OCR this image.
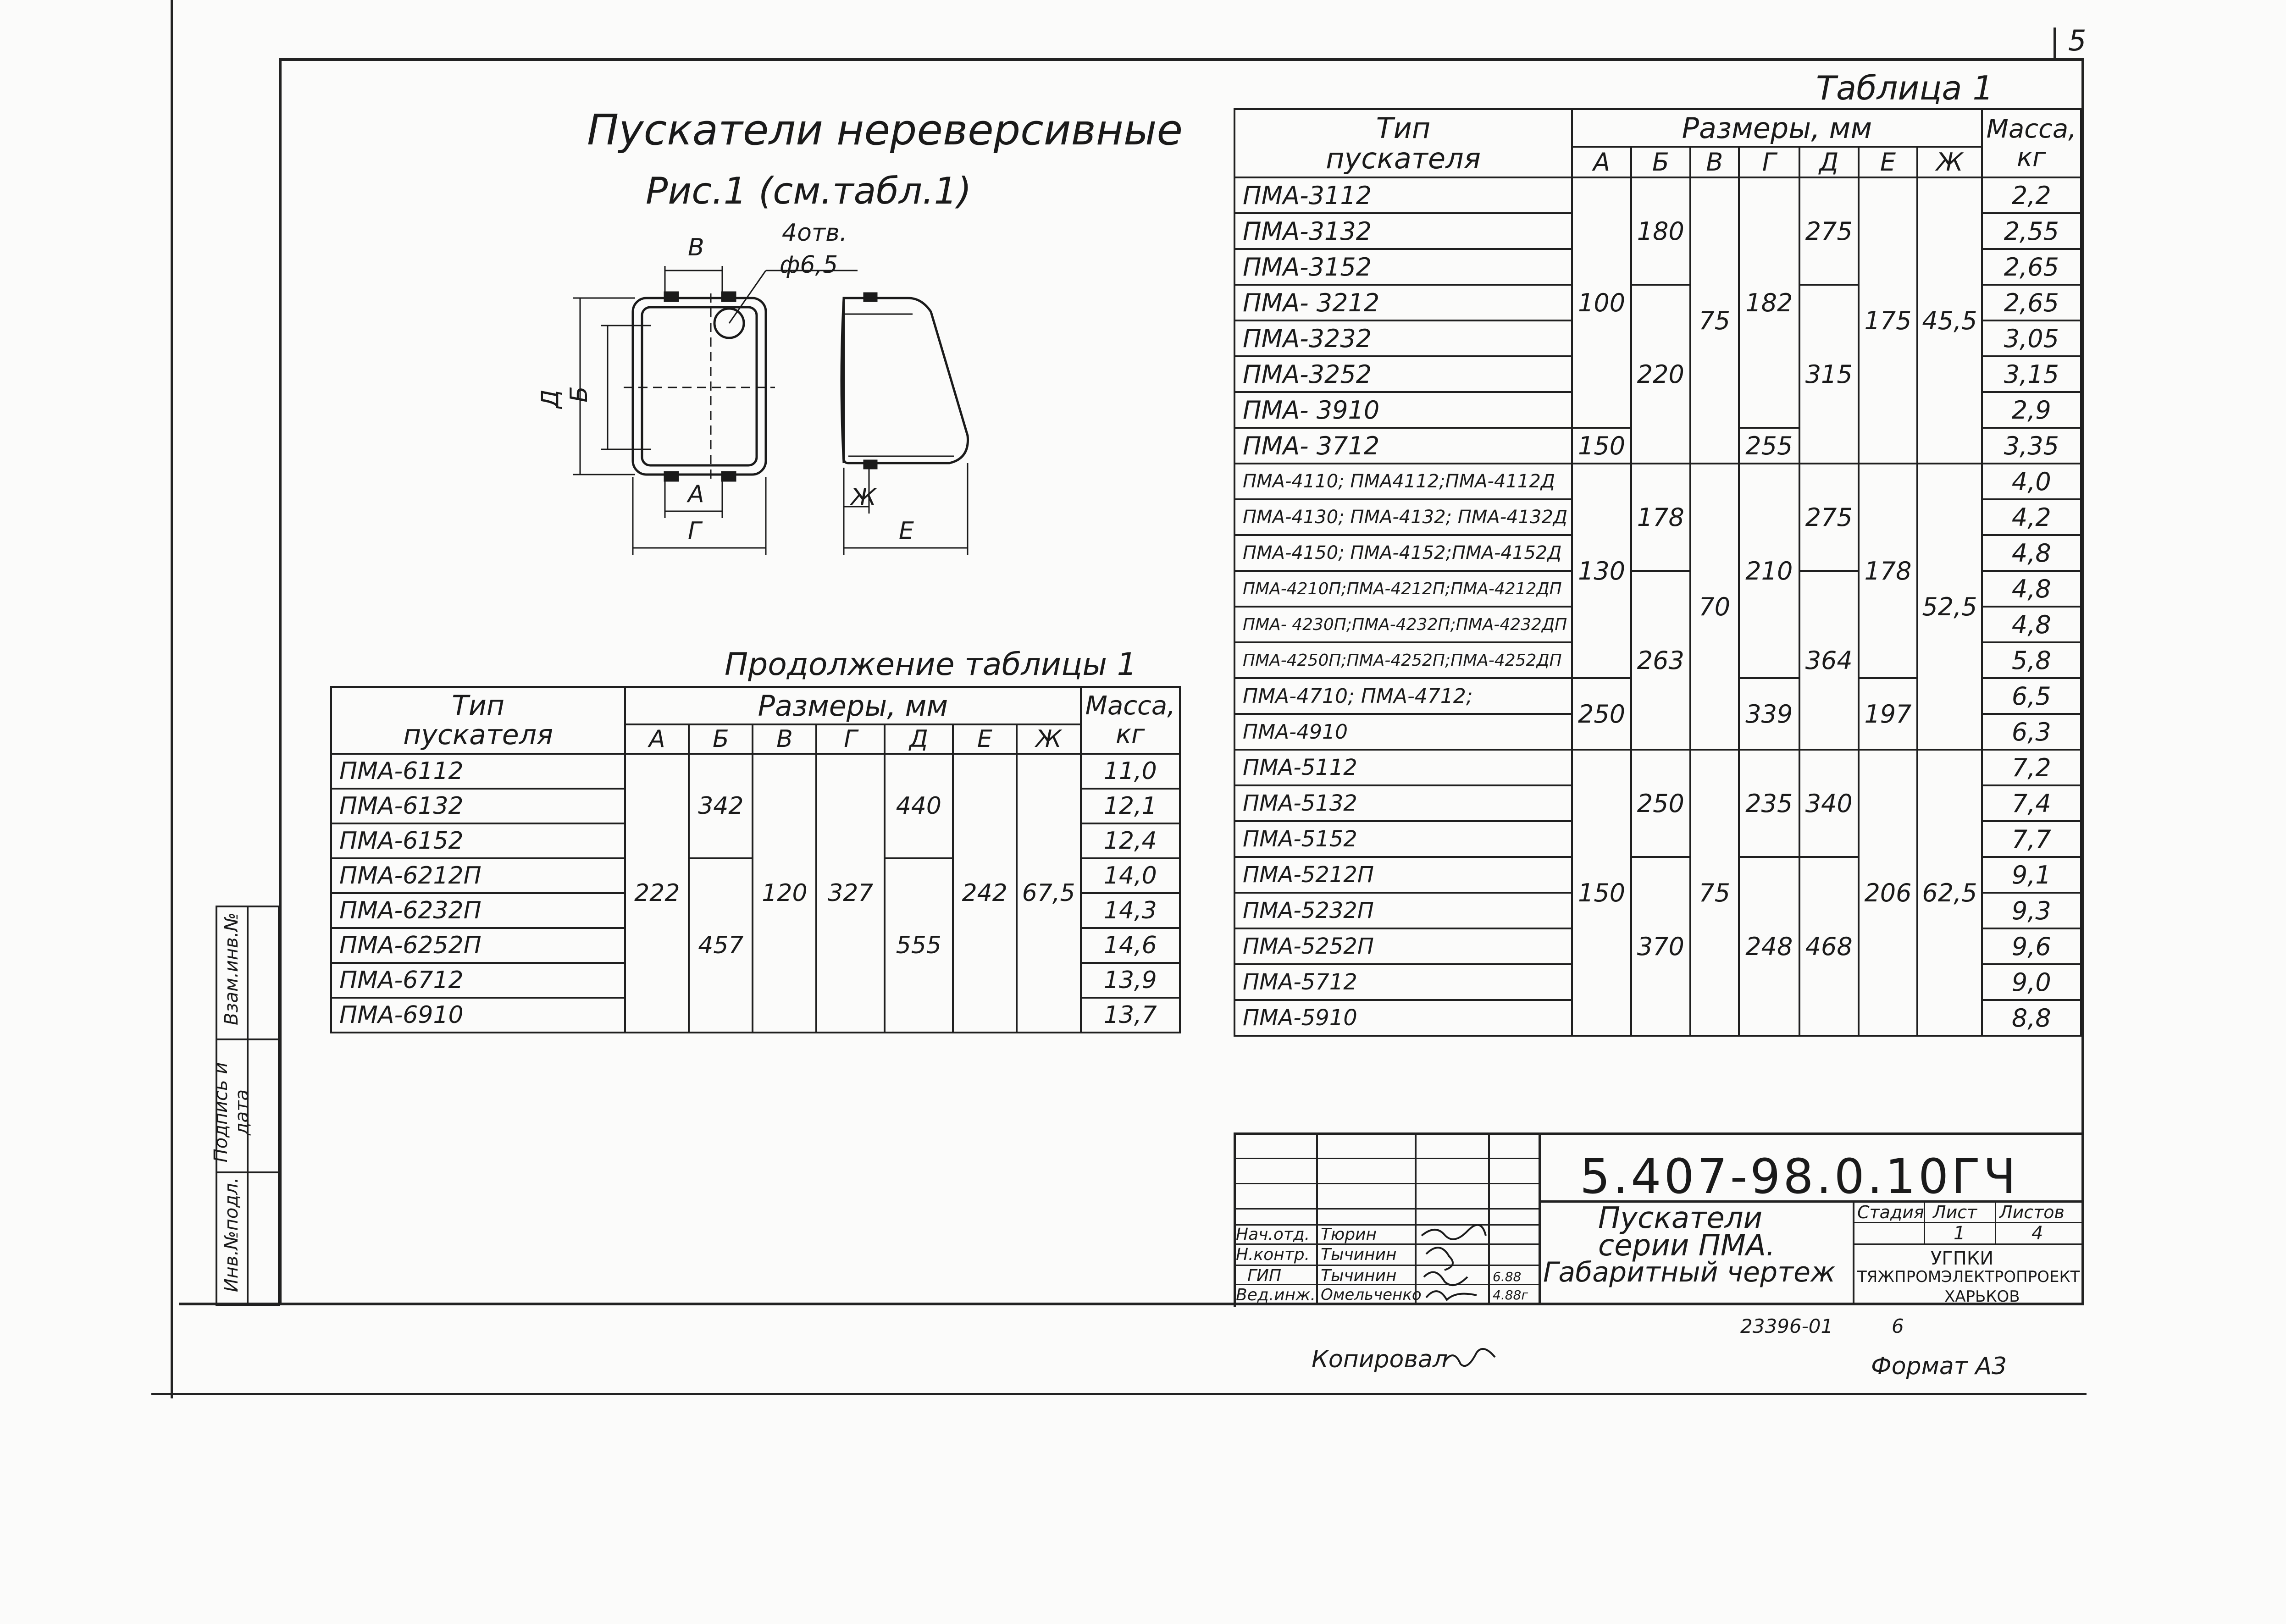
5
Пускатели нереверсивные
Рис.1 (см.табл.1)
В
4отв.
ф6,5
Д Б
А
Г
Ж
Е
Таблица 1
Тип
пускателя	Размеры, мм							Масса,
кг
	А	Б	В	Г	Д	Е	Ж	
ПМА-3112	100	180	75	182	275	175	45,5	2,2
ПМА-3132								2,55
ПМА-3152								2,65
ПМА- 3212		220			315			2,65
ПМА-3232								3,05
ПМА-3252								3,15
ПМА- 3910								2,9
ПМА- 3712	150			255				3,35
ПМА-4110; ПМА4112;ПМА-4112Д	130	178	70	210	275	178	52,5	4,0
ПМА-4130; ПМА-4132; ПМА-4132Д								4,2
ПМА-4150; ПМА-4152;ПМА-4152Д								4,8
ПМА-4210П;ПМА-4212П;ПМА-4212ДП		263			364			4,8
ПМА- 4230П;ПМА-4232П;ПМА-4232ДП								4,8
ПМА-4250П;ПМА-4252П;ПМА-4252ДП								5,8
ПМА-4710; ПМА-4712;	250			339		197		6,5
ПМА-4910								6,3
ПМА-5112	150	250	75	235	340	206	62,5	7,2
ПМА-5132								7,4
ПМА-5152								7,7
ПМА-5212П		370		248	468			9,1
ПМА-5232П								9,3
ПМА-5252П								9,6
ПМА-5712								9,0
ПМА-5910								8,8
Продолжение таблицы 1
Тип
пускателя	Размеры, мм							Масса,
кг
	А	Б	В	Г	Д	Е	Ж	
ПМА-6112	222	342	120	327	440	242	67,5	11,0
ПМА-6132								12,1
ПМА-6152								12,4
ПМА-6212П		457			555			14,0
ПМА-6232П								14,3
ПМА-6252П								14,6
ПМА-6712								13,9
ПМА-6910								13,7

Взам.инв.№
Подпись и дата
Инв.№подл.
5.407-98.0.10ГЧ
Пускатели
серии ПМА.
Габаритный чертеж
Стадия Лист Листов
1	4
УГПКИ
ТЯЖПРОМЭЛЕКТРОПРОЕКТ
ХАРЬКОВ
Нач.отд. Тюрин
Н.контр. Тычинин
ГИП Тычинин	6.88
Вед.инж. Омельченко	4.88г
23396-01	6
Копировал	Формат А3
